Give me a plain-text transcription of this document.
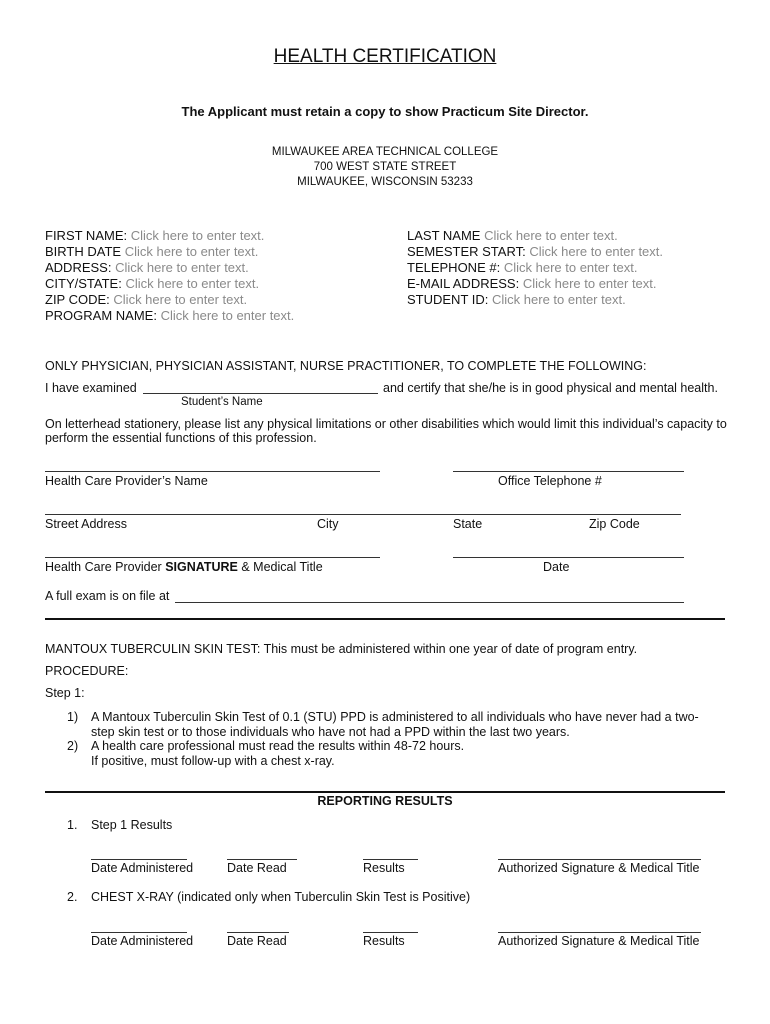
HEALTH CERTIFICATION
The Applicant must retain a copy to show Practicum Site Director.
MILWAUKEE AREA TECHNICAL COLLEGE
700 WEST STATE STREET
MILWAUKEE, WISCONSIN 53233
FIRST NAME: Click here to enter text.
BIRTH DATE Click here to enter text.
ADDRESS: Click here to enter text.
CITY/STATE: Click here to enter text.
ZIP CODE: Click here to enter text.
PROGRAM NAME: Click here to enter text.
LAST NAME Click here to enter text.
SEMESTER START: Click here to enter text.
TELEPHONE #: Click here to enter text.
E-MAIL ADDRESS: Click here to enter text.
STUDENT ID: Click here to enter text.
ONLY PHYSICIAN, PHYSICIAN ASSISTANT, NURSE PRACTITIONER, TO COMPLETE THE FOLLOWING:
I have examined	and certify that she/he is in good physical and mental health.
Student’s Name
On letterhead stationery, please list any physical limitations or other disabilities which would limit this individual’s capacity to perform the essential functions of this profession.
Health Care Provider’s Name	Office Telephone #
Street Address	City	State	Zip Code
Health Care Provider SIGNATURE & Medical Title	Date
A full exam is on file at
MANTOUX TUBERCULIN SKIN TEST: This must be administered within one year of date of program entry.
PROCEDURE:
Step 1:
1) A Mantoux Tuberculin Skin Test of 0.1 (STU) PPD is administered to all individuals who have never had a two-step skin test or to those individuals who have not had a PPD within the last two years.
2) A health care professional must read the results within 48-72 hours.
If positive, must follow-up with a chest x-ray.
REPORTING RESULTS
1. Step 1 Results
Date Administered	Date Read	Results	Authorized Signature & Medical Title
2. CHEST X-RAY (indicated only when Tuberculin Skin Test is Positive)
Date Administered	Date Read	Results	Authorized Signature & Medical Title
